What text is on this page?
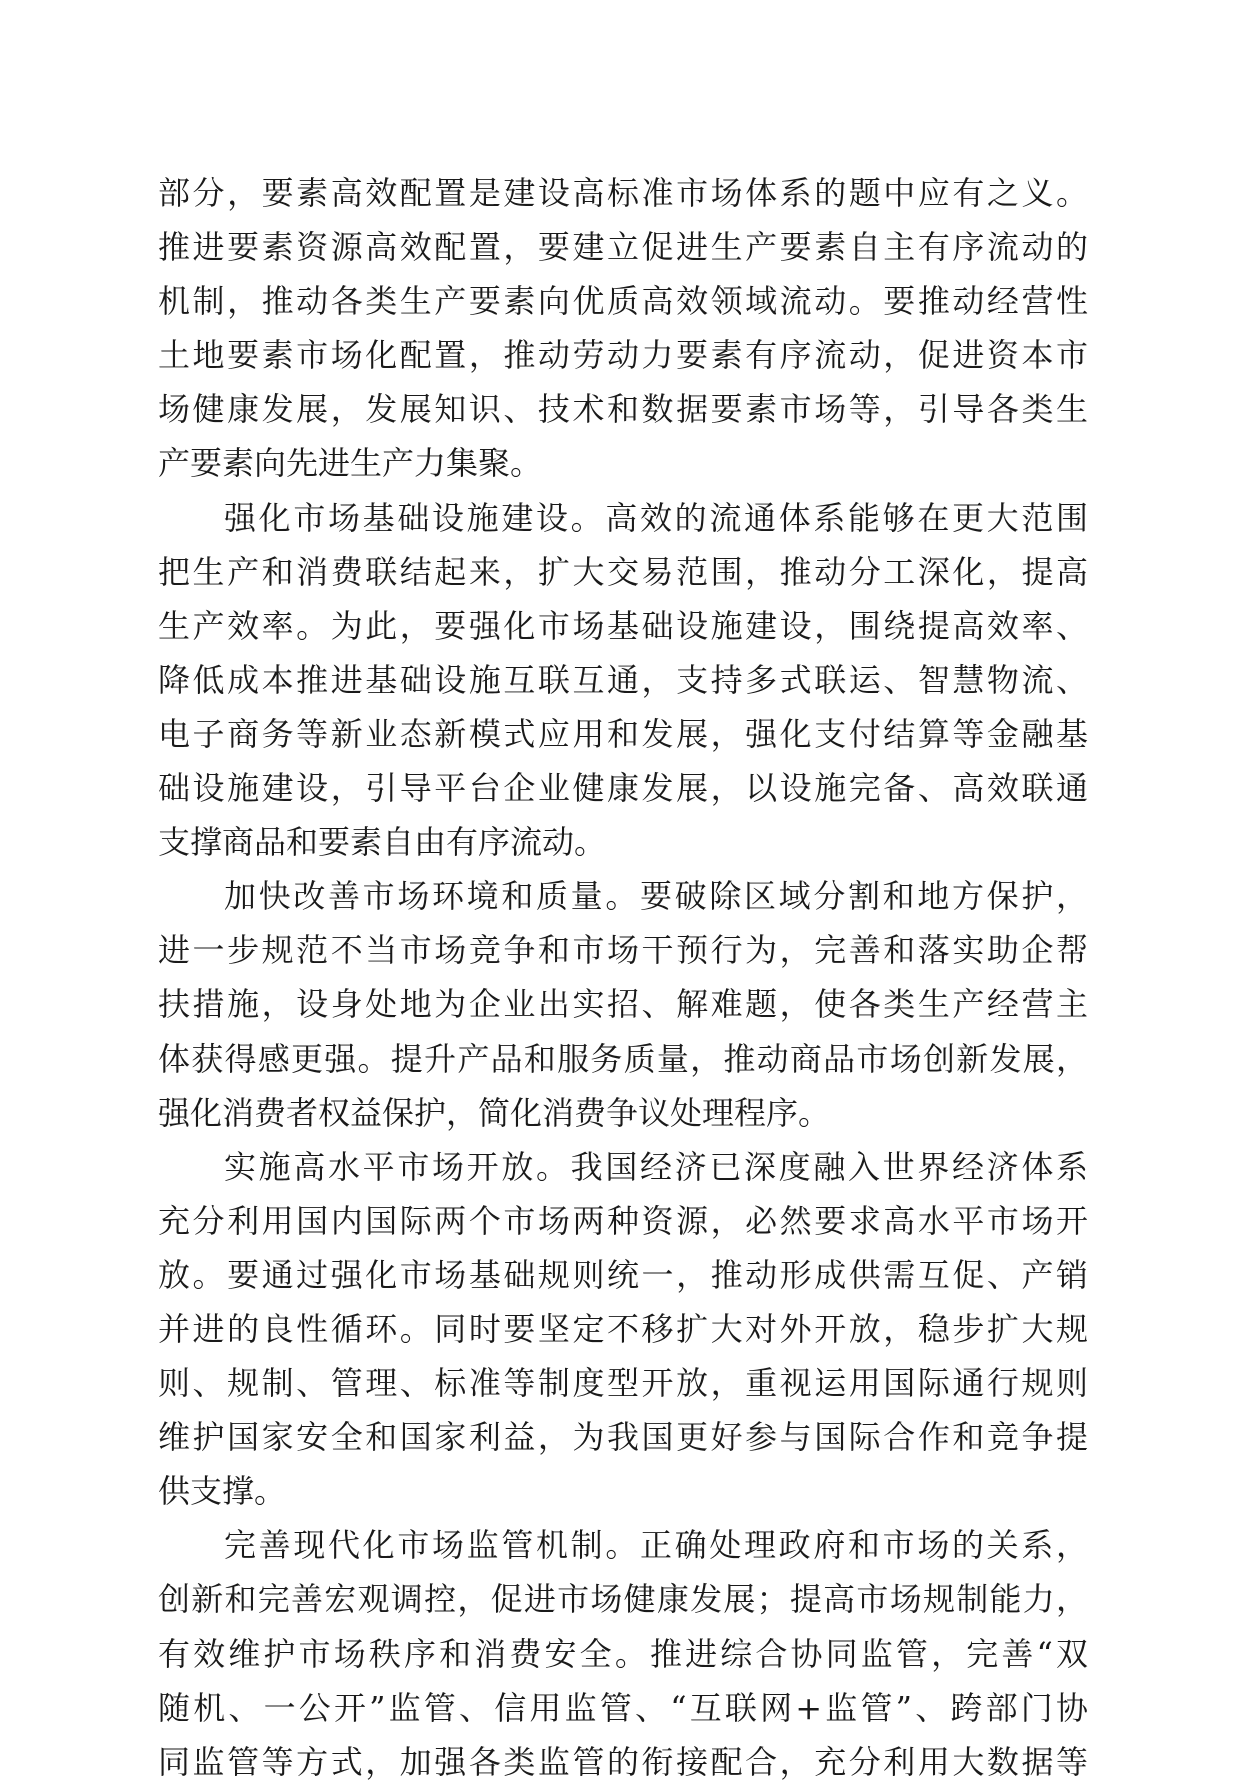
部分，要素高效配置是建设高标准市场体系的题中应有之义。
推进要素资源高效配置，要建立促进生产要素自主有序流动的
机制，推动各类生产要素向优质高效领域流动。要推动经营性
土地要素市场化配置，推动劳动力要素有序流动，促进资本市
场健康发展，发展知识、技术和数据要素市场等，引导各类生
产要素向先进生产力集聚。
强化市场基础设施建设。高效的流通体系能够在更大范围
把生产和消费联结起来，扩大交易范围，推动分工深化，提高
生产效率。为此，要强化市场基础设施建设，围绕提高效率、
降低成本推进基础设施互联互通，支持多式联运、智慧物流、
电子商务等新业态新模式应用和发展，强化支付结算等金融基
础设施建设，引导平台企业健康发展，以设施完备、高效联通
支撑商品和要素自由有序流动。
加快改善市场环境和质量。要破除区域分割和地方保护，
进一步规范不当市场竞争和市场干预行为，完善和落实助企帮
扶措施，设身处地为企业出实招、解难题，使各类生产经营主
体获得感更强。提升产品和服务质量，推动商品市场创新发展，
强化消费者权益保护，简化消费争议处理程序。
实施高水平市场开放。我国经济已深度融入世界经济体系
充分利用国内国际两个市场两种资源，必然要求高水平市场开
放。要通过强化市场基础规则统一，推动形成供需互促、产销
并进的良性循环。同时要坚定不移扩大对外开放，稳步扩大规
则、规制、管理、标准等制度型开放，重视运用国际通行规则
维护国家安全和国家利益，为我国更好参与国际合作和竞争提
供支撑。
完善现代化市场监管机制。正确处理政府和市场的关系，
创新和完善宏观调控，促进市场健康发展；提高市场规制能力，
有效维护市场秩序和消费安全。推进综合协同监管，完善“双
随机、一公开”监管、信用监管、“互联网+监管”、跨部门协
同监管等方式，加强各类监管的衔接配合，充分利用大数据等
